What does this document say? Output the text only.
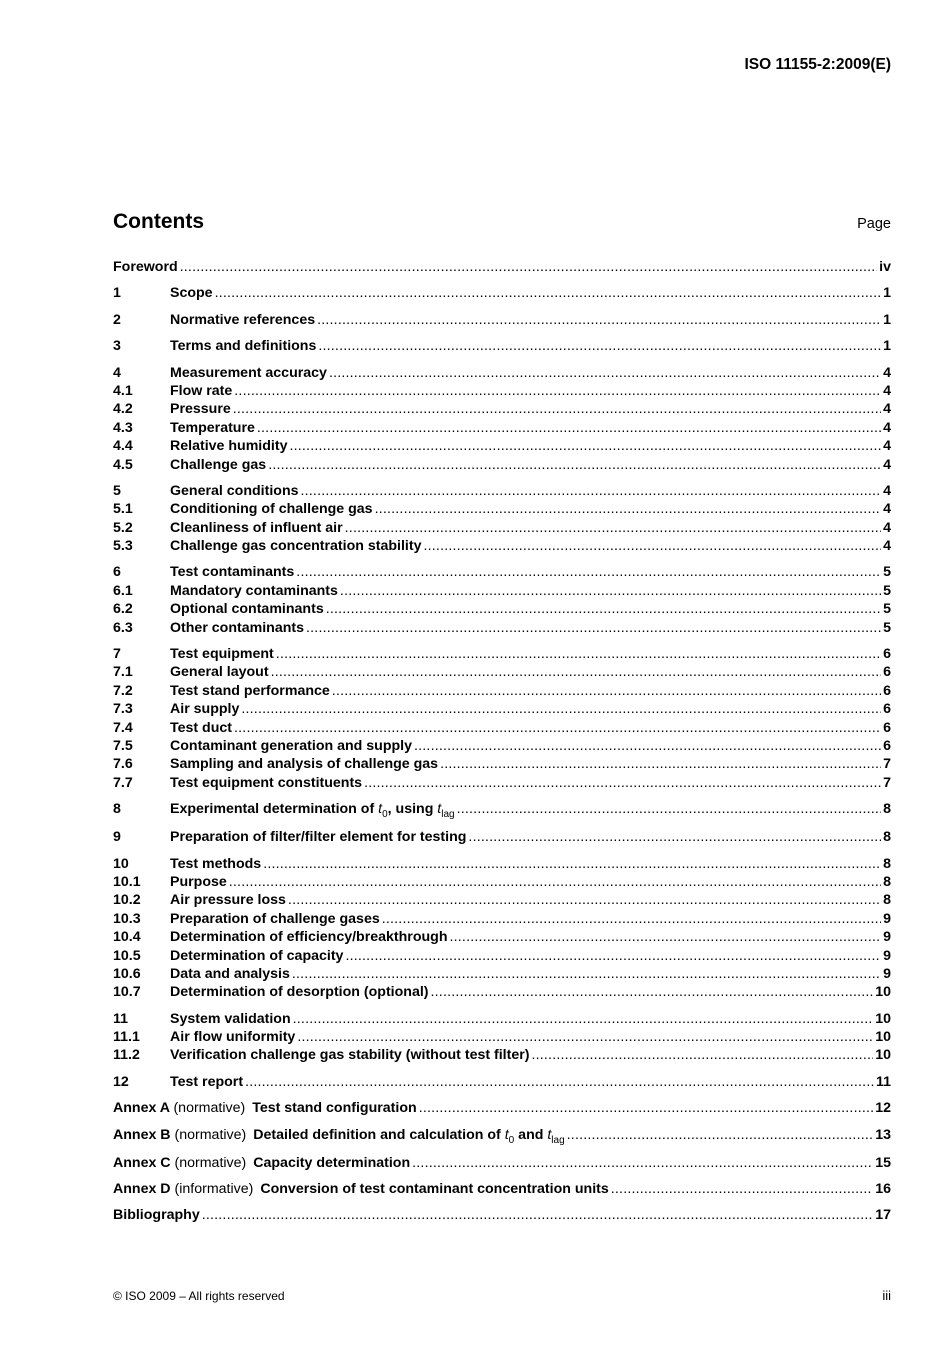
ISO 11155-2:2009(E)
Contents	Page
Foreword .....	iv
1	Scope .....	1
2	Normative references .....	1
3	Terms and definitions .....	1
4	Measurement accuracy .....	4
4.1	Flow rate .....	4
4.2	Pressure .....	4
4.3	Temperature .....	4
4.4	Relative humidity .....	4
4.5	Challenge gas .....	4
5	General conditions .....	4
5.1	Conditioning of challenge gas .....	4
5.2	Cleanliness of influent air .....	4
5.3	Challenge gas concentration stability .....	4
6	Test contaminants .....	5
6.1	Mandatory contaminants .....	5
6.2	Optional contaminants .....	5
6.3	Other contaminants .....	5
7	Test equipment .....	6
7.1	General layout .....	6
7.2	Test stand performance .....	6
7.3	Air supply .....	6
7.4	Test duct .....	6
7.5	Contaminant generation and supply .....	6
7.6	Sampling and analysis of challenge gas .....	7
7.7	Test equipment constituents .....	7
8	Experimental determination of $t_0$, using $t_{lag}$ .....	8
9	Preparation of filter/filter element for testing .....	8
10	Test methods .....	8
10.1	Purpose .....	8
10.2	Air pressure loss .....	8
10.3	Preparation of challenge gases .....	9
10.4	Determination of efficiency/breakthrough .....	9
10.5	Determination of capacity .....	9
10.6	Data and analysis .....	9
10.7	Determination of desorption (optional) .....	10
11	System validation .....	10
11.1	Air flow uniformity .....	10
11.2	Verification challenge gas stability (without test filter) .....	10
12	Test report .....	11
Annex A (normative) Test stand configuration .....	12
Annex B (normative) Detailed definition and calculation of $t_0$ and $t_{lag}$ .....	13
Annex C (normative) Capacity determination .....	15
Annex D (informative) Conversion of test contaminant concentration units .....	16
Bibliography .....	17
© ISO 2009 – All rights reserved	iii
